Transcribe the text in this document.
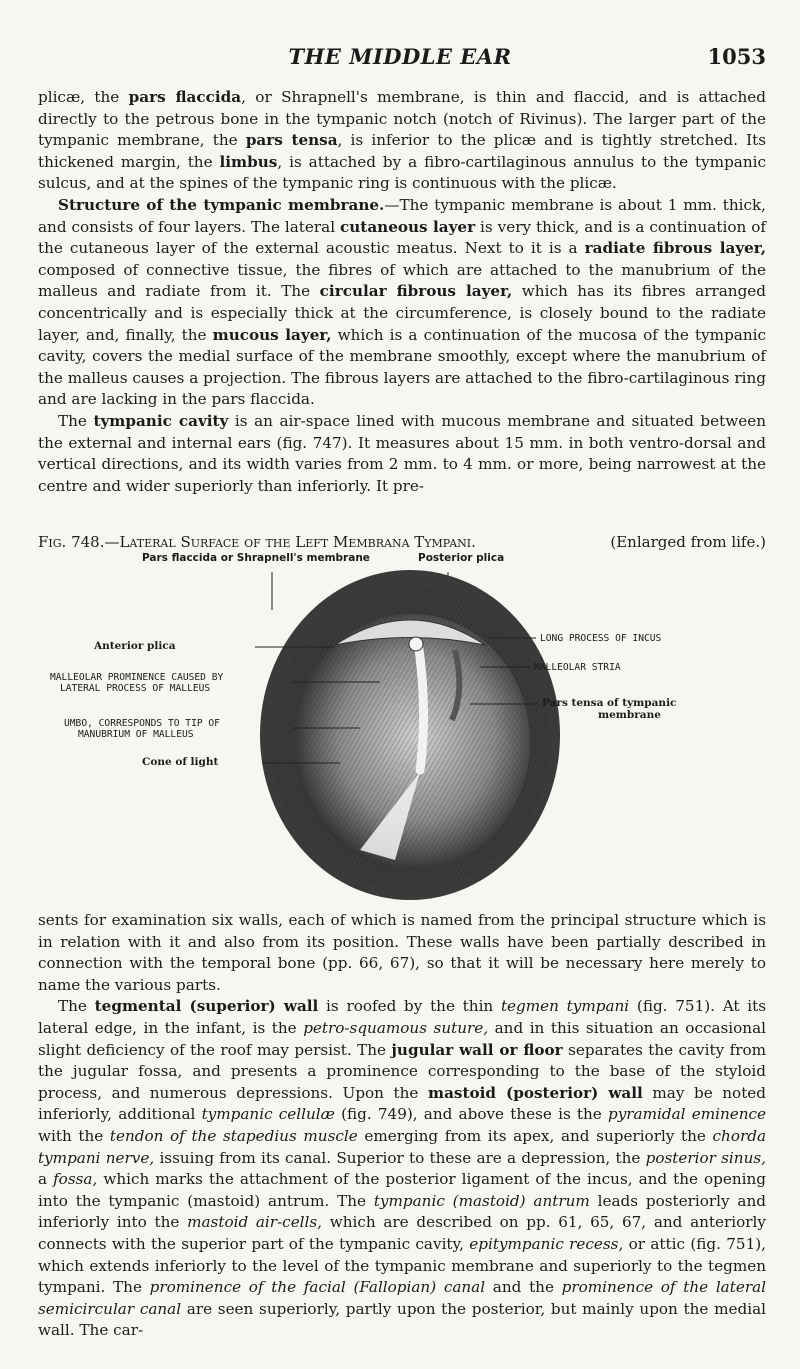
THE MIDDLE EAR	1053

plicæ, the pars flaccida, or Shrapnell's membrane, is thin and flaccid, and is attached directly to the petrous bone in the tympanic notch (notch of Rivinus). The larger part of the tympanic membrane, the pars tensa, is inferior to the plicæ and is tightly stretched. Its thickened margin, the limbus, is attached by a fibro-cartilaginous annulus to the tympanic sulcus, and at the spines of the tympanic ring is continuous with the plicæ.

Structure of the tympanic membrane.—The tympanic membrane is about 1 mm. thick, and consists of four layers. The lateral cutaneous layer is very thick, and is a continuation of the cutaneous layer of the external acoustic meatus. Next to it is a radiate fibrous layer, composed of connective tissue, the fibres of which are attached to the manubrium of the malleus and radiate from it. The circular fibrous layer, which has its fibres arranged concentrically and is especially thick at the circumference, is closely bound to the radiate layer, and, finally, the mucous layer, which is a continuation of the mucosa of the tympanic cavity, covers the medial surface of the membrane smoothly, except where the manubrium of the malleus causes a projection. The fibrous layers are attached to the fibro-cartilaginous ring and are lacking in the pars flaccida.

The tympanic cavity is an air-space lined with mucous membrane and situated between the external and internal ears (fig. 747). It measures about 15 mm. in both ventro-dorsal and vertical directions, and its width varies from 2 mm. to 4 mm. or more, being narrowest at the centre and wider superiorly than inferiorly. It pre-

Fig. 748.—Lateral Surface of the Left Membrana Tympani.	(Enlarged from life.)
Pars flaccida or Shrapnell's membrane	Posterior plica
Anterior plica
MALLEOLAR PROMINENCE CAUSED BY
LATERAL PROCESS OF MALLEUS
UMBO, CORRESPONDS TO TIP OF
MANUBRIUM OF MALLEUS
Cone of light
LONG PROCESS OF INCUS
MALLEOLAR STRIA
Pars tensa of tympanic
membrane

sents for examination six walls, each of which is named from the principal structure which is in relation with it and also from its position. These walls have been partially described in connection with the temporal bone (pp. 66, 67), so that it will be necessary here merely to name the various parts.

The tegmental (superior) wall is roofed by the thin tegmen tympani (fig. 751). At its lateral edge, in the infant, is the petro-squamous suture, and in this situation an occasional slight deficiency of the roof may persist. The jugular wall or floor separates the cavity from the jugular fossa, and presents a prominence corresponding to the base of the styloid process, and numerous depressions. Upon the mastoid (posterior) wall may be noted inferiorly, additional tympanic cellulæ (fig. 749), and above these is the pyramidal eminence with the tendon of the stapedius muscle emerging from its apex, and superiorly the chorda tympani nerve, issuing from its canal. Superior to these are a depression, the posterior sinus, a fossa, which marks the attachment of the posterior ligament of the incus, and the opening into the tympanic (mastoid) antrum. The tympanic (mastoid) antrum leads posteriorly and inferiorly into the mastoid air-cells, which are described on pp. 61, 65, 67, and anteriorly connects with the superior part of the tympanic cavity, epitympanic recess, or attic (fig. 751), which extends inferiorly to the level of the tympanic membrane and superiorly to the tegmen tympani. The prominence of the facial (Fallopian) canal and the prominence of the lateral semicircular canal are seen superiorly, partly upon the posterior, but mainly upon the medial wall. The car-
